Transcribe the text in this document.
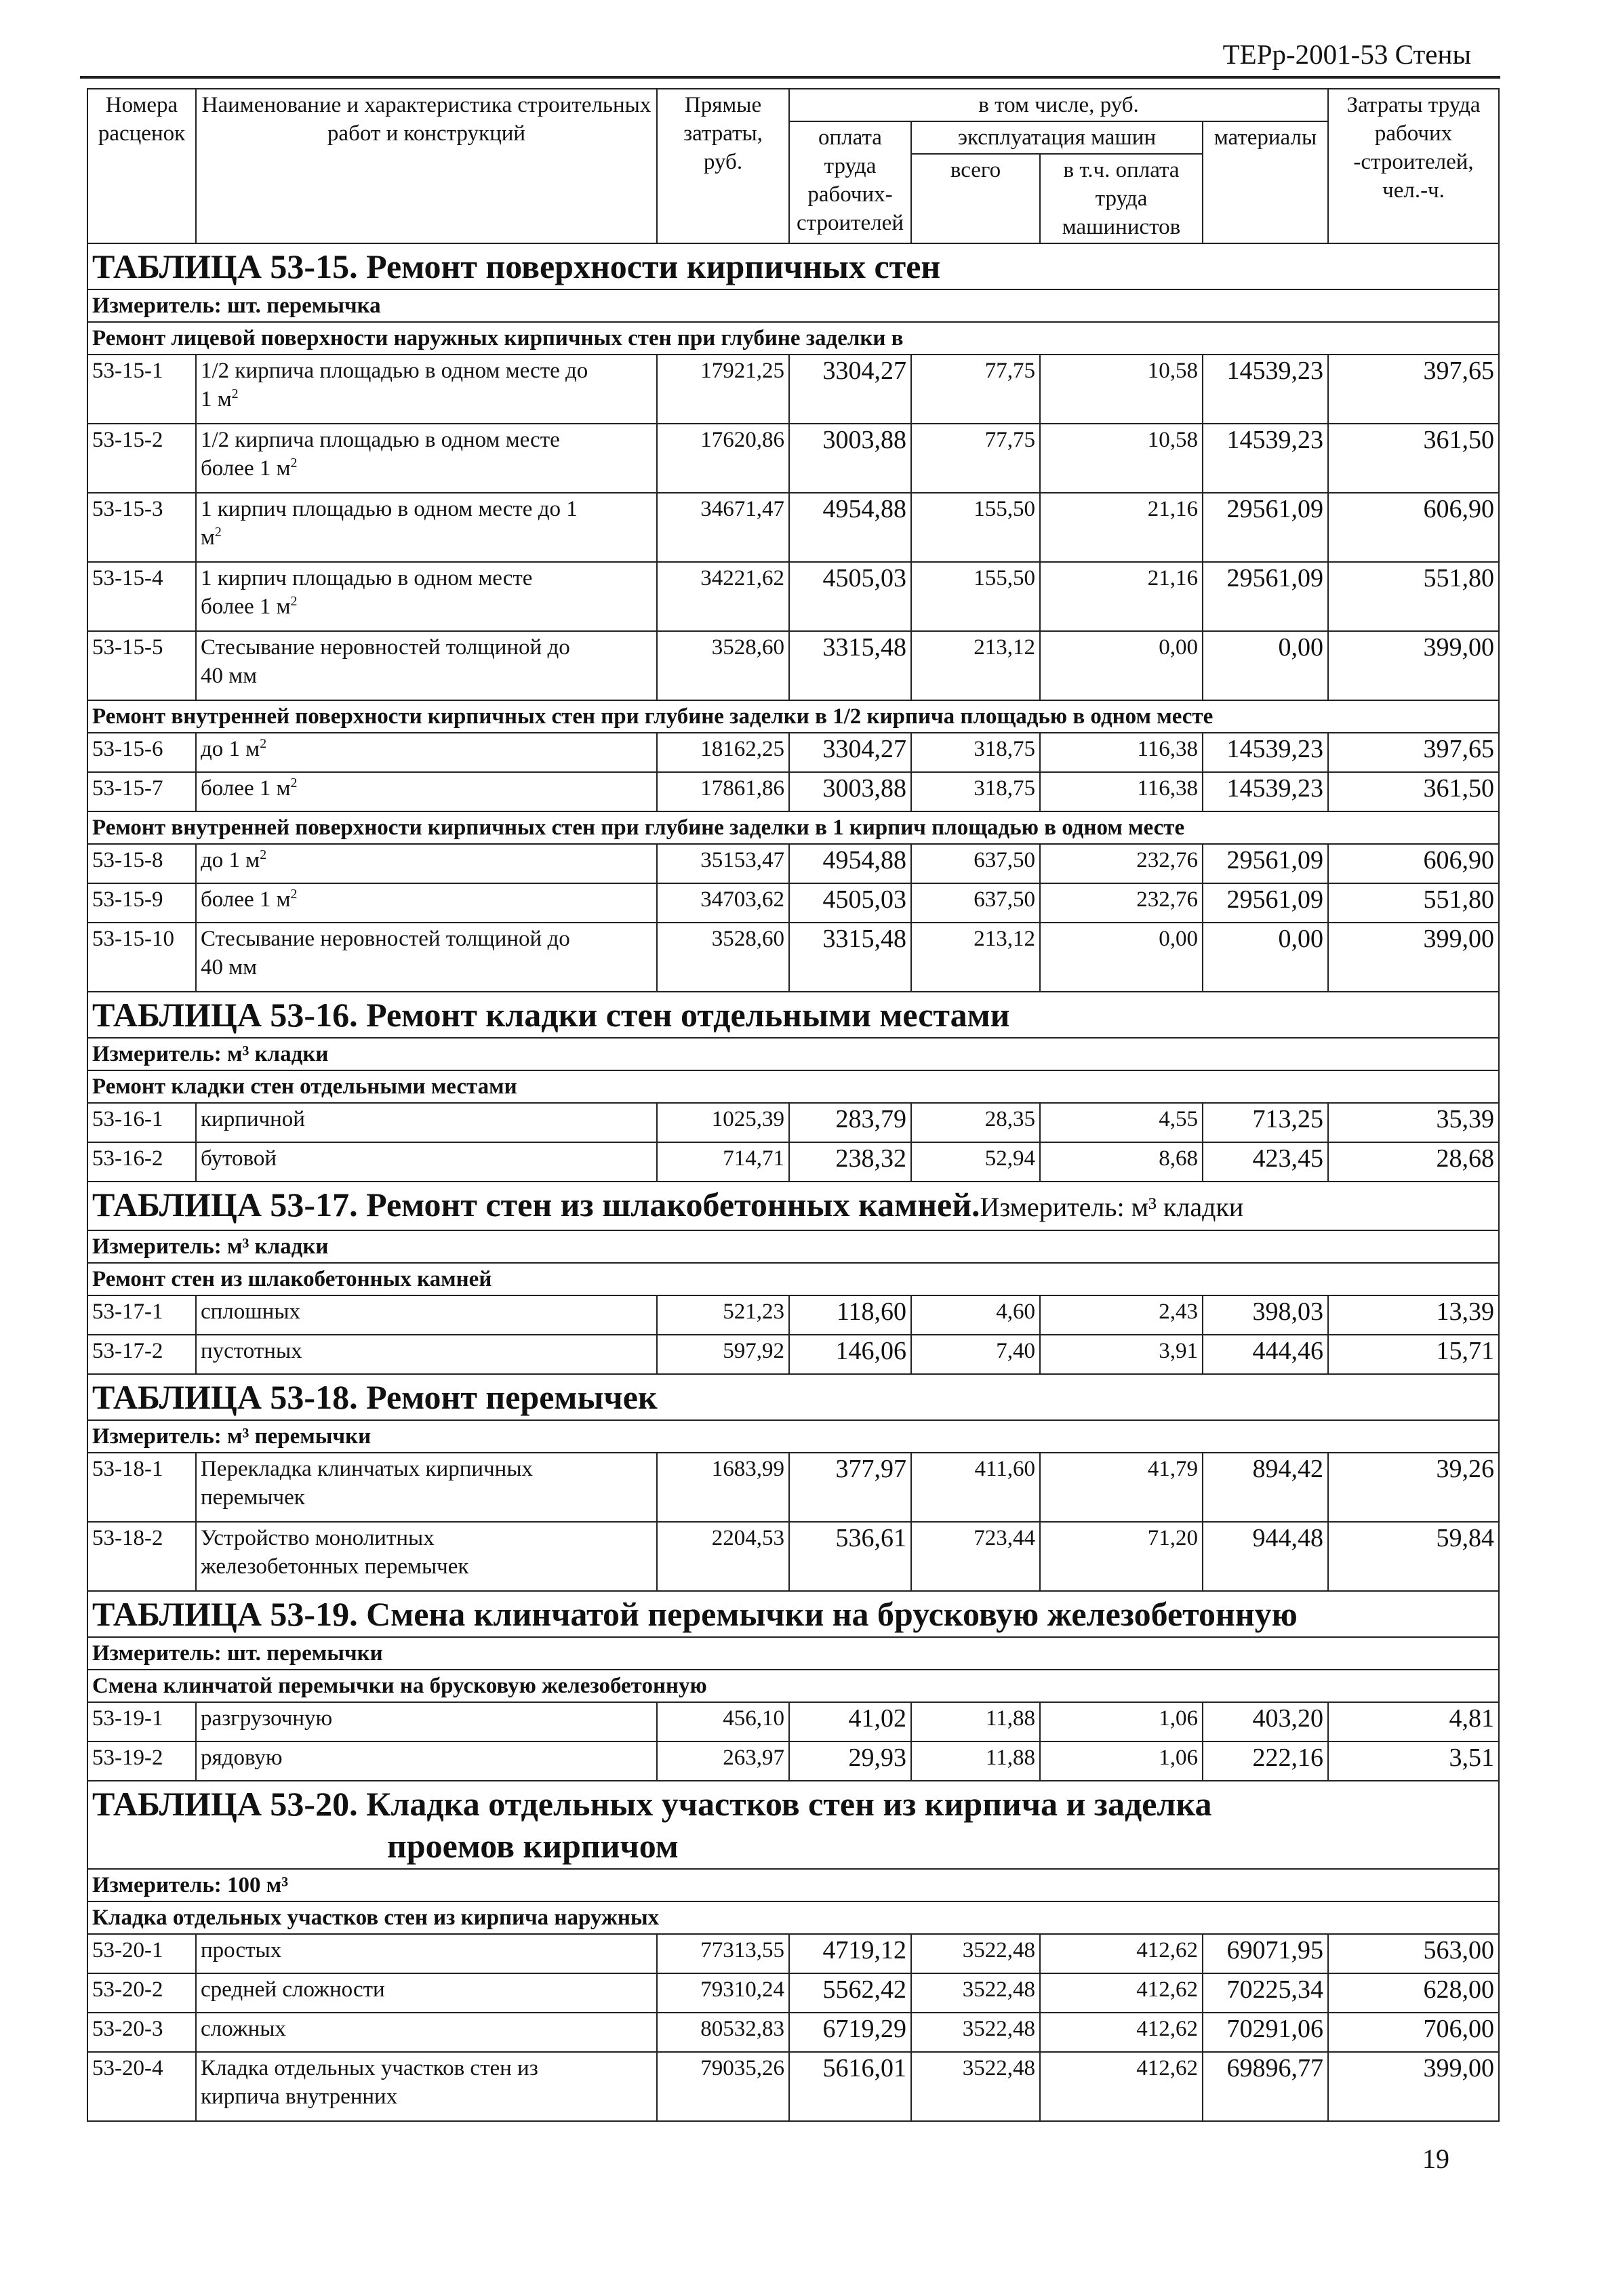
ТЕРр-2001-53 Стены
Номера расценок	Наименование и характеристика строительных работ и конструкций	Прямые затраты, руб.	в том числе, руб.				Затраты труда рабочих -строителей, чел.-ч.
			оплата труда рабочих-строителей	эксплуатация машин		материалы	
				всего	в т.ч. оплата труда машинистов		

ТАБЛИЦА 53-15. Ремонт поверхности кирпичных стен							

Измеритель: шт. перемычка							
Ремонт лицевой поверхности наружных кирпичных стен при глубине заделки в							
53-15-1	1/2 кирпича площадью в одном месте до
1 $м^2$	17921,25	3304,27	77,75	10,58	14539,23	397,65
53-15-2	1/2 кирпича площадью в одном месте
более 1 $м^2$	17620,86	3003,88	77,75	10,58	14539,23	361,50
53-15-3	1 кирпич площадью в одном месте до 1
$м^2$	34671,47	4954,88	155,50	21,16	29561,09	606,90
53-15-4	1 кирпич площадью в одном месте
более 1 $м^2$	34221,62	4505,03	155,50	21,16	29561,09	551,80
53-15-5	Стесывание неровностей толщиной до
40 мм	3528,60	3315,48	213,12	0,00	0,00	399,00
Ремонт внутренней поверхности кирпичных стен при глубине заделки в 1/2 кирпича площадью в одном месте							
53-15-6	до 1 $м^2$	18162,25	3304,27	318,75	116,38	14539,23	397,65
53-15-7	более 1 $м^2$	17861,86	3003,88	318,75	116,38	14539,23	361,50
Ремонт внутренней поверхности кирпичных стен при глубине заделки в 1 кирпич площадью в одном месте							
53-15-8	до 1 $м^2$	35153,47	4954,88	637,50	232,76	29561,09	606,90
53-15-9	более 1 $м^2$	34703,62	4505,03	637,50	232,76	29561,09	551,80
53-15-10	Стесывание неровностей толщиной до
40 мм	3528,60	3315,48	213,12	0,00	0,00	399,00

ТАБЛИЦА 53-16. Ремонт кладки стен отдельными местами							

Измеритель: м³ кладки							
Ремонт кладки стен отдельными местами							
53-16-1	кирпичной	1025,39	283,79	28,35	4,55	713,25	35,39
53-16-2	бутовой	714,71	238,32	52,94	8,68	423,45	28,68

ТАБЛИЦА 53-17. Ремонт стен из шлакобетонных камней.Измеритель: м³ кладки							

Измеритель: м³ кладки							
Ремонт стен из шлакобетонных камней							
53-17-1	сплошных	521,23	118,60	4,60	2,43	398,03	13,39
53-17-2	пустотных	597,92	146,06	7,40	3,91	444,46	15,71

ТАБЛИЦА 53-18. Ремонт перемычек							

Измеритель: м³ перемычки							
53-18-1	Перекладка клинчатых кирпичных
перемычек	1683,99	377,97	411,60	41,79	894,42	39,26
53-18-2	Устройство монолитных
железобетонных перемычек	2204,53	536,61	723,44	71,20	944,48	59,84

ТАБЛИЦА 53-19. Смена клинчатой перемычки на брусковую железобетонную							

Измеритель: шт. перемычки							
Смена клинчатой перемычки на брусковую железобетонную							
53-19-1	разгрузочную	456,10	41,02	11,88	1,06	403,20	4,81
53-19-2	рядовую	263,97	29,93	11,88	1,06	222,16	3,51

ТАБЛИЦА 53-20. Кладка отдельных участков стен из кирпича и заделка
проемов кирпичом							

Измеритель: 100 м³							
Кладка отдельных участков стен из кирпича наружных							
53-20-1	простых	77313,55	4719,12	3522,48	412,62	69071,95	563,00
53-20-2	средней сложности	79310,24	5562,42	3522,48	412,62	70225,34	628,00
53-20-3	сложных	80532,83	6719,29	3522,48	412,62	70291,06	706,00
53-20-4	Кладка отдельных участков стен из
кирпича внутренних	79035,26	5616,01	3522,48	412,62	69896,77	399,00
19
